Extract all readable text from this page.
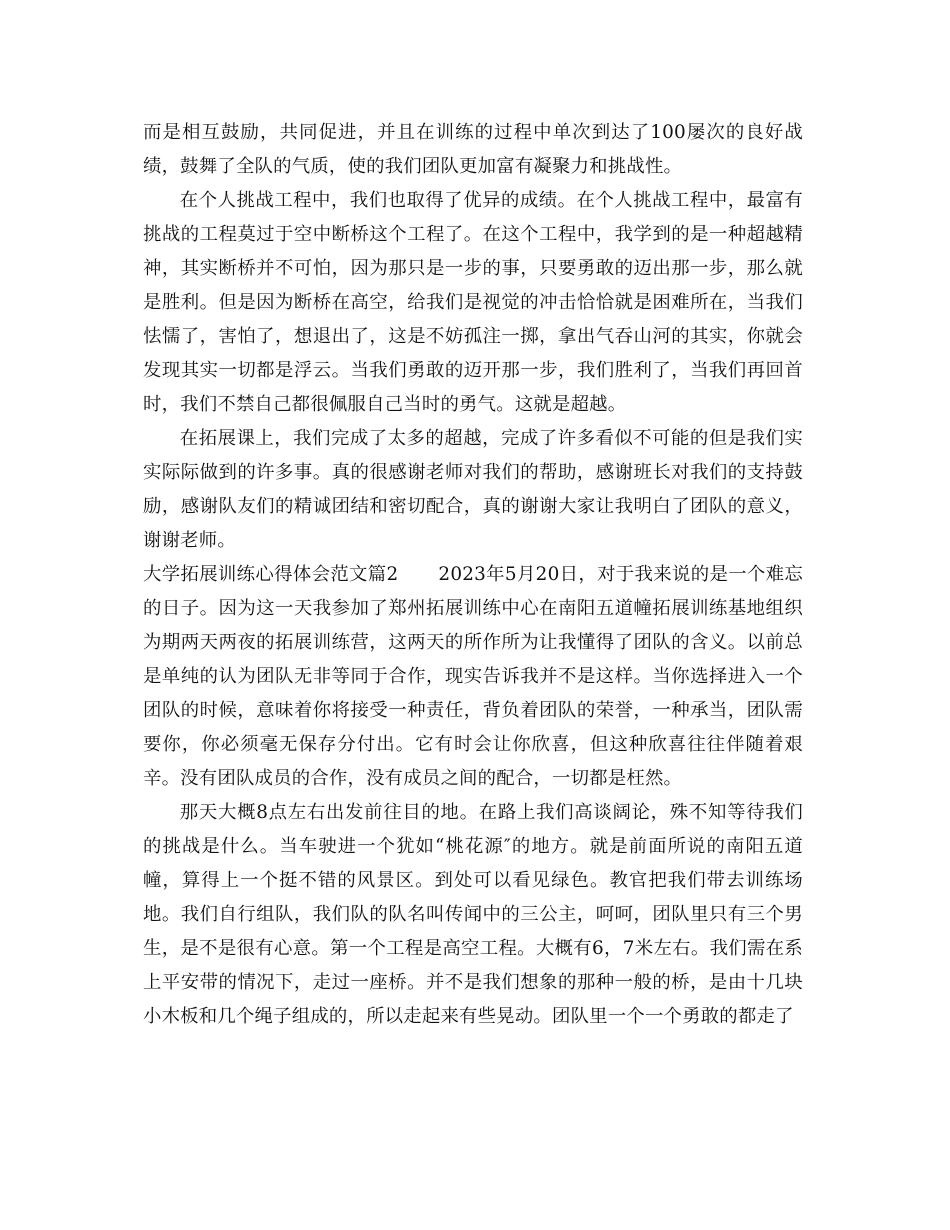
而是相互鼓励，共同促进，并且在训练的过程中单次到达了100屡次的良好战绩，鼓舞了全队的气质，使的我们团队更加富有凝聚力和挑战性。

在个人挑战工程中，我们也取得了优异的成绩。在个人挑战工程中，最富有挑战的工程莫过于空中断桥这个工程了。在这个工程中，我学到的是一种超越精神，其实断桥并不可怕，因为那只是一步的事，只要勇敢的迈出那一步，那么就是胜利。但是因为断桥在高空，给我们是视觉的冲击恰恰就是困难所在，当我们怯懦了，害怕了，想退出了，这是不妨孤注一掷，拿出气吞山河的其实，你就会发现其实一切都是浮云。当我们勇敢的迈开那一步，我们胜利了，当我们再回首时，我们不禁自己都很佩服自己当时的勇气。这就是超越。

在拓展课上，我们完成了太多的超越，完成了许多看似不可能的但是我们实实际际做到的许多事。真的很感谢老师对我们的帮助，感谢班长对我们的支持鼓励，感谢队友们的精诚团结和密切配合，真的谢谢大家让我明白了团队的意义，谢谢老师。

大学拓展训练心得体会范文篇2 2023年5月20日，对于我来说的是一个难忘的日子。因为这一天我参加了郑州拓展训练中心在南阳五道幢拓展训练基地组织为期两天两夜的拓展训练营，这两天的所作所为让我懂得了团队的含义。以前总是单纯的认为团队无非等同于合作，现实告诉我并不是这样。当你选择进入一个团队的时候，意味着你将接受一种责任，背负着团队的荣誉，一种承当，团队需要你，你必须毫无保存分付出。它有时会让你欣喜，但这种欣喜往往伴随着艰辛。没有团队成员的合作，没有成员之间的配合，一切都是枉然。

那天大概8点左右出发前往目的地。在路上我们高谈阔论，殊不知等待我们的挑战是什么。当车驶进一个犹如“桃花源″的地方。就是前面所说的南阳五道幢，算得上一个挺不错的风景区。到处可以看见绿色。教官把我们带去训练场地。我们自行组队，我们队的队名叫传闻中的三公主，呵呵，团队里只有三个男生，是不是很有心意。第一个工程是高空工程。大概有6，7米左右。我们需在系上平安带的情况下，走过一座桥。并不是我们想象的那种一般的桥，是由十几块小木板和几个绳子组成的，所以走起来有些晃动。团队里一个一个勇敢的都走了
